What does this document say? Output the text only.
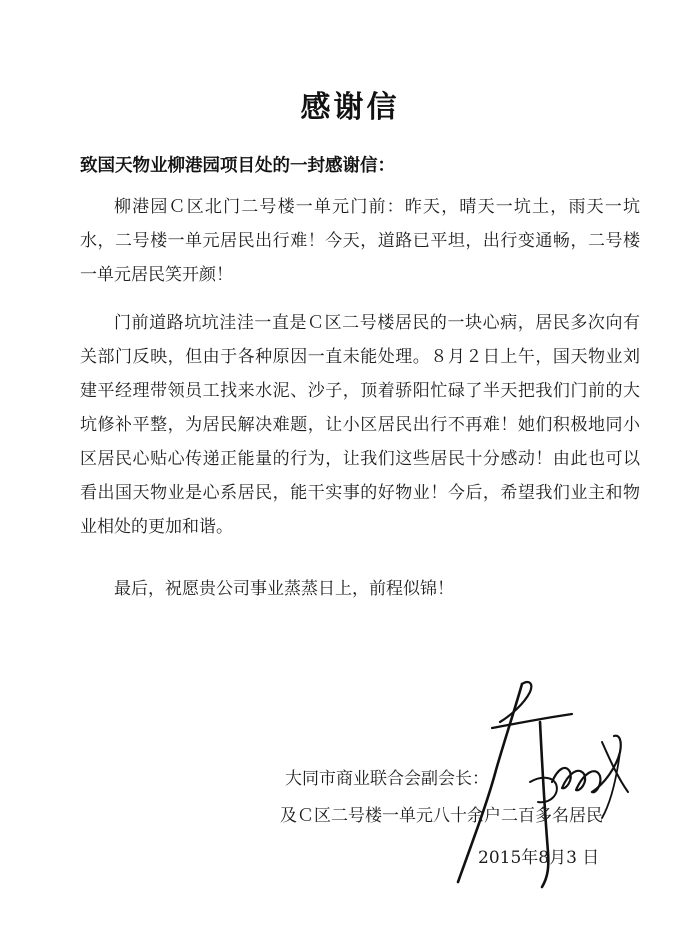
感谢信
致国天物业柳港园项目处的一封感谢信：

柳港园Ｃ区北门二号楼一单元门前：昨天，晴天一坑土，雨天一坑水，二号楼一单元居民出行难！今天，道路已平坦，出行变通畅，二号楼一单元居民笑开颜！

门前道路坑坑洼洼一直是Ｃ区二号楼居民的一块心病，居民多次向有关部门反映，但由于各种原因一直未能处理。８月２日上午，国天物业刘建平经理带领员工找来水泥、沙子，顶着骄阳忙碌了半天把我们门前的大坑修补平整，为居民解决难题，让小区居民出行不再难！她们积极地同小区居民心贴心传递正能量的行为，让我们这些居民十分感动！由此也可以看出国天物业是心系居民，能干实事的好物业！今后，希望我们业主和物业相处的更加和谐。

最后，祝愿贵公司事业蒸蒸日上，前程似锦！

大同市商业联合会副会长：
及Ｃ区二号楼一单元八十余户二百多名居民
2015年8月3 日
